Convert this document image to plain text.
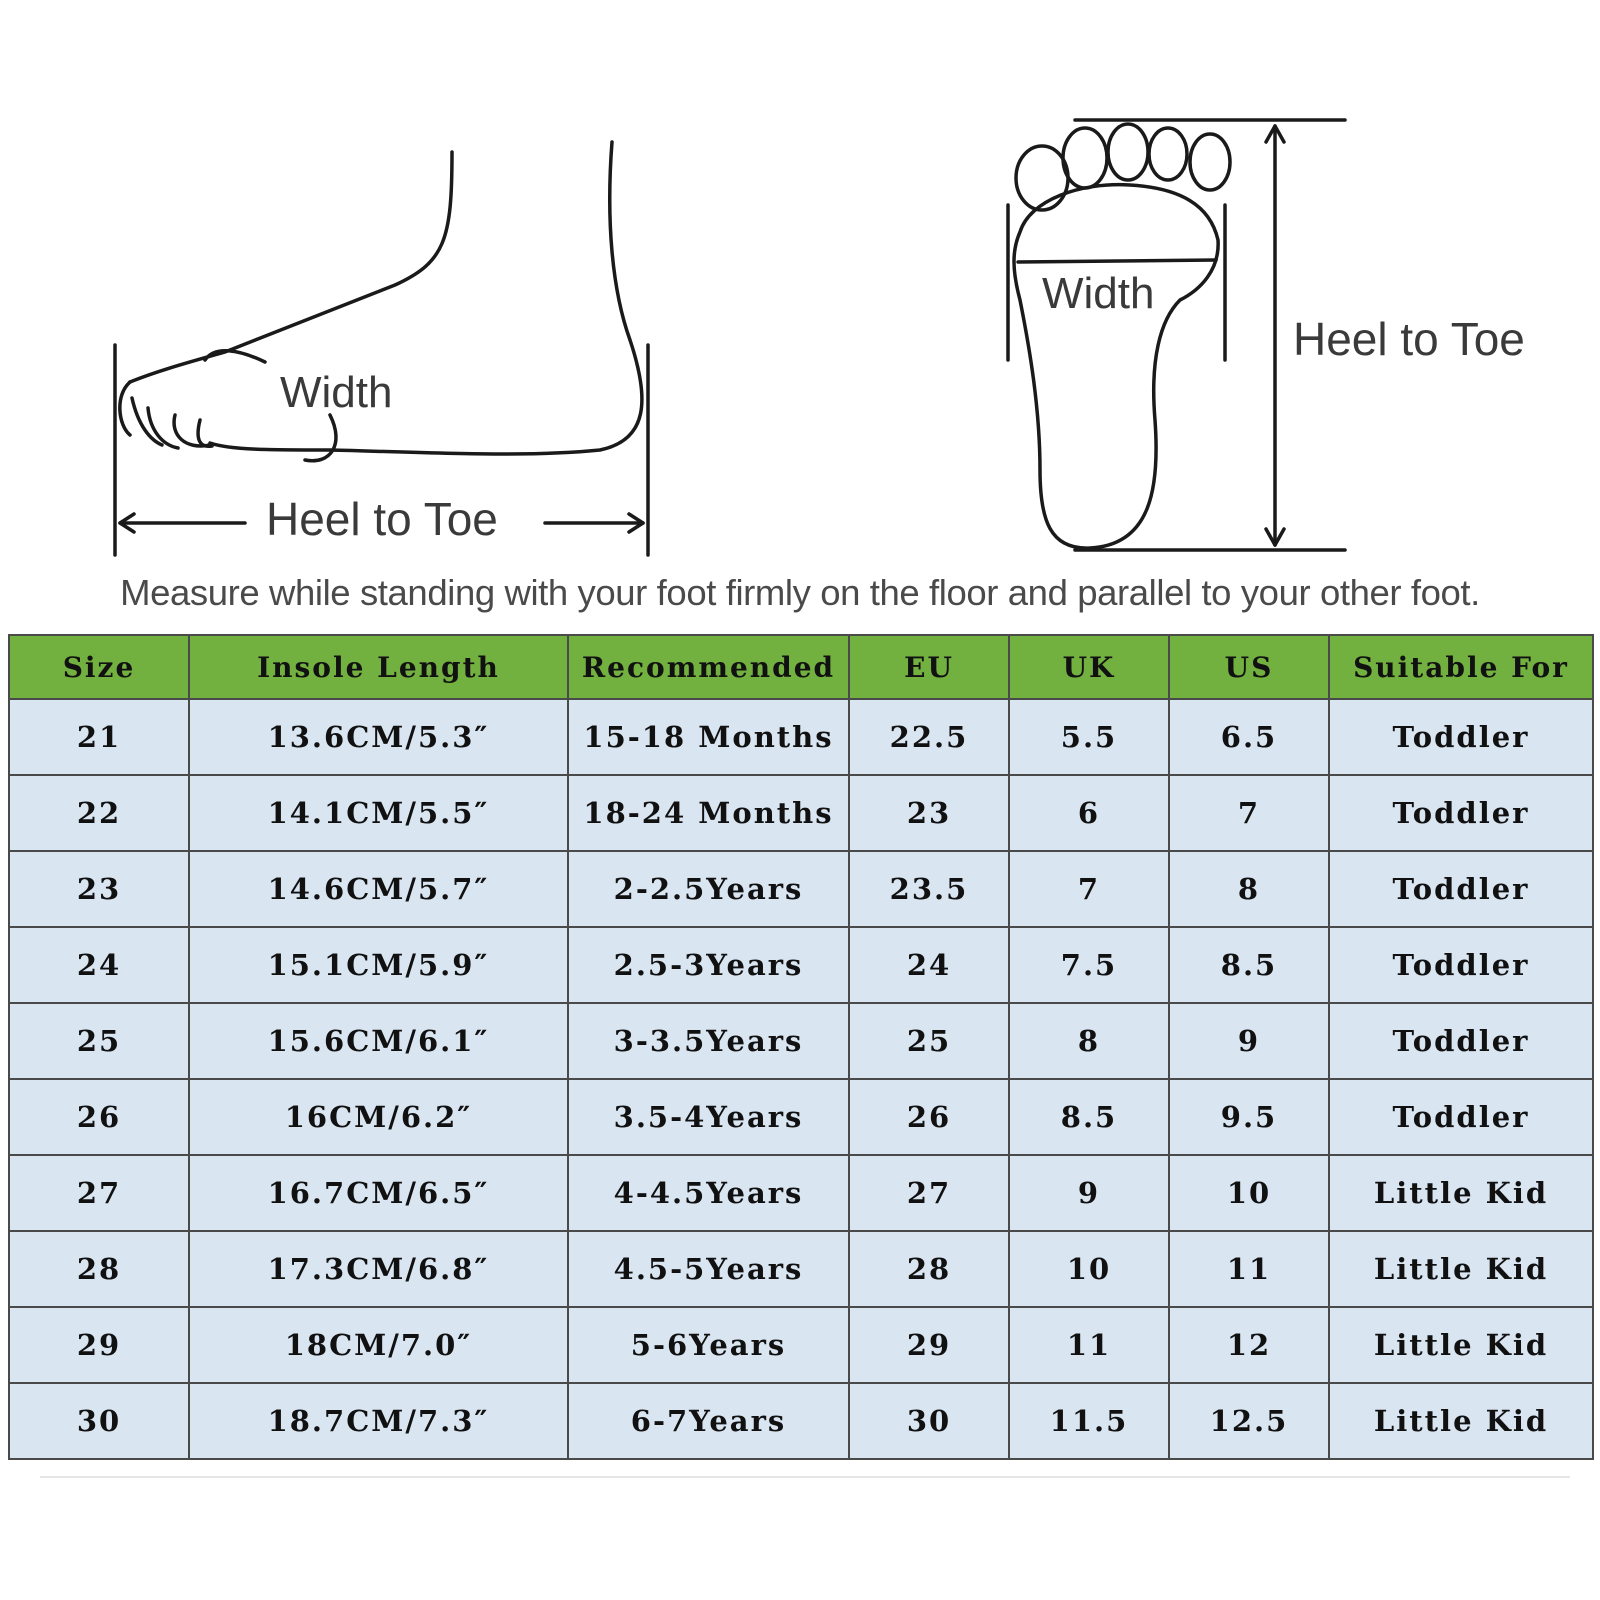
Width
Heel to Toe
Width
Heel to Toe
Measure while standing with your foot firmly on the floor and parallel to your other foot.
Size	Insole Length	Recommended	EU	UK	US	Suitable For
21	13.6CM/5.3″	15-18 Months	22.5	5.5	6.5	Toddler
22	14.1CM/5.5″	18-24 Months	23	6	7	Toddler
23	14.6CM/5.7″	2-2.5Years	23.5	7	8	Toddler
24	15.1CM/5.9″	2.5-3Years	24	7.5	8.5	Toddler
25	15.6CM/6.1″	3-3.5Years	25	8	9	Toddler
26	16CM/6.2″	3.5-4Years	26	8.5	9.5	Toddler
27	16.7CM/6.5″	4-4.5Years	27	9	10	Little Kid
28	17.3CM/6.8″	4.5-5Years	28	10	11	Little Kid
29	18CM/7.0″	5-6Years	29	11	12	Little Kid
30	18.7CM/7.3″	6-7Years	30	11.5	12.5	Little Kid
